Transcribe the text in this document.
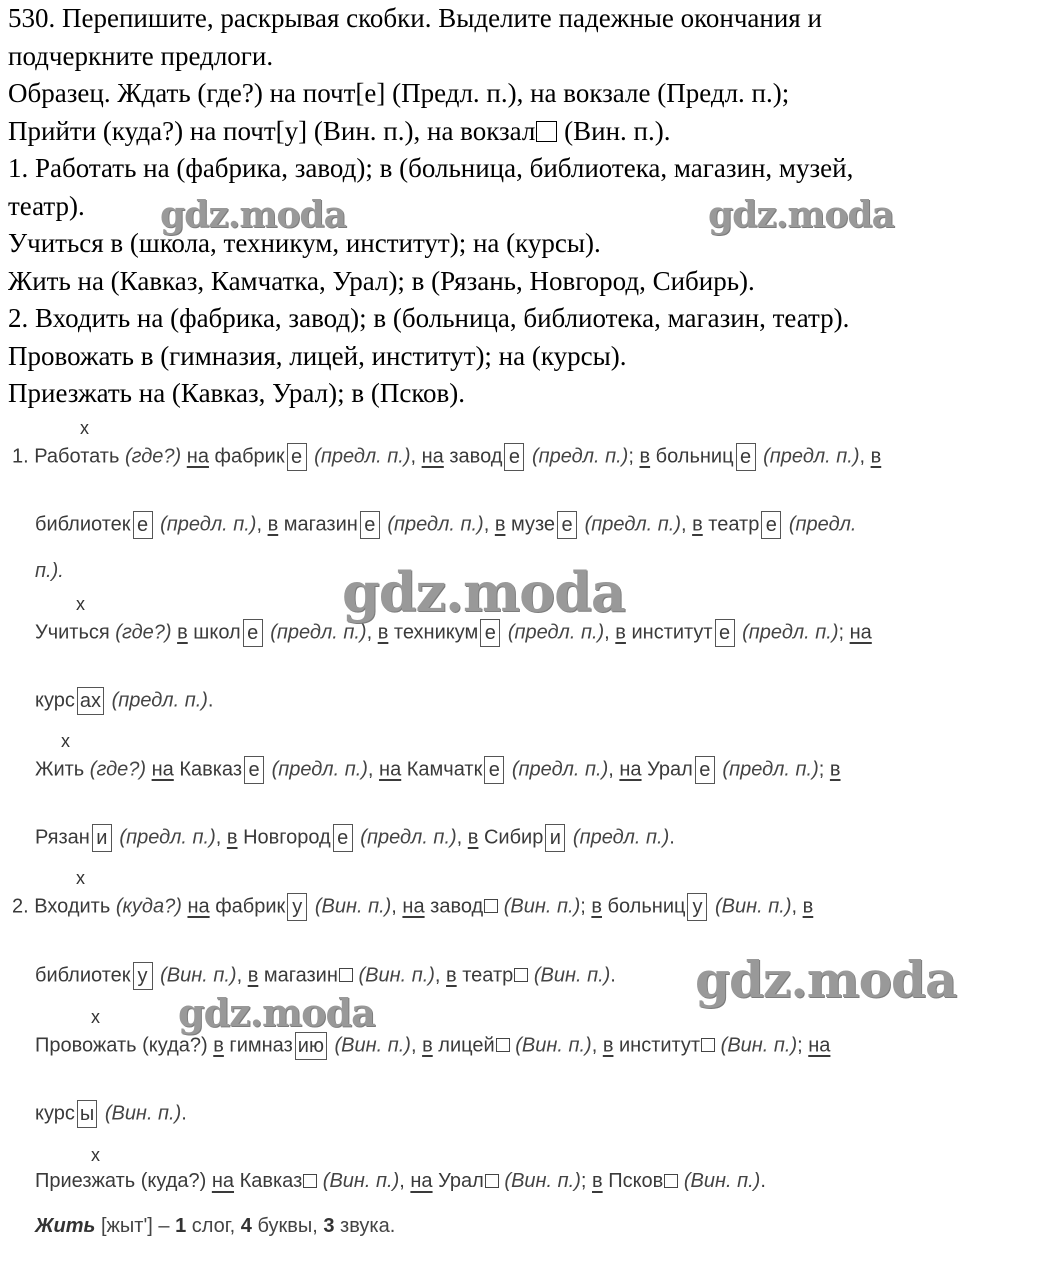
530. Перепишите, раскрывая скобки. Выделите падежные окончания и

подчеркните предлоги.

Образец. Ждать (где?) на почт[е] (Предл. п.), на вокзале (Предл. п.);

Прийти (куда?) на почт[у] (Вин. п.), на вокзал (Вин. п.).

1. Работать на (фабрика, завод); в (больница, библиотека, магазин, музей,

театр).

Учиться в (школа, техникум, институт); на (курсы).

Жить на (Кавказ, Камчатка, Урал); в (Рязань, Новгород, Сибирь).

2. Входить на (фабрика, завод); в (больница, библиотека, магазин, театр).

Провожать в (гимназия, лицей, институт); на (курсы).

Приезжать на (Кавказ, Урал); в (Псков).

x
1. Работать (где?) на фабрик е (предл. п.), на завод е (предл. п.); в больниц е (предл. п.), в
библиотек е (предл. п.), в магазин е (предл. п.), в музе е (предл. п.), в театр е (предл.
п.).
x
Учиться (где?) в школ е (предл. п.), в техникум е (предл. п.), в институт е (предл. п.); на
курс ах (предл. п.).
x
Жить (где?) на Кавказ е (предл. п.), на Камчатк е (предл. п.), на Урал е (предл. п.); в
Рязан и (предл. п.), в Новгород е (предл. п.), в Сибир и (предл. п.).
x
2. Входить (куда?) на фабрик у (Вин. п.), на завод (Вин. п.); в больниц у (Вин. п.), в
библиотек у (Вин. п.), в магазин (Вин. п.), в театр (Вин. п.).
x
Провожать (куда?) в гимназ ию (Вин. п.), в лицей (Вин. п.), в институт (Вин. п.); на
курс ы (Вин. п.).
x
Приезжать (куда?) на Кавказ (Вин. п.), на Урал (Вин. п.); в Псков (Вин. п.).
Жить [жыт'] – 1 слог, 4 буквы, 3 звука.
gdz.moda	gdz.moda
gdz.moda
gdz.moda
gdz.moda
